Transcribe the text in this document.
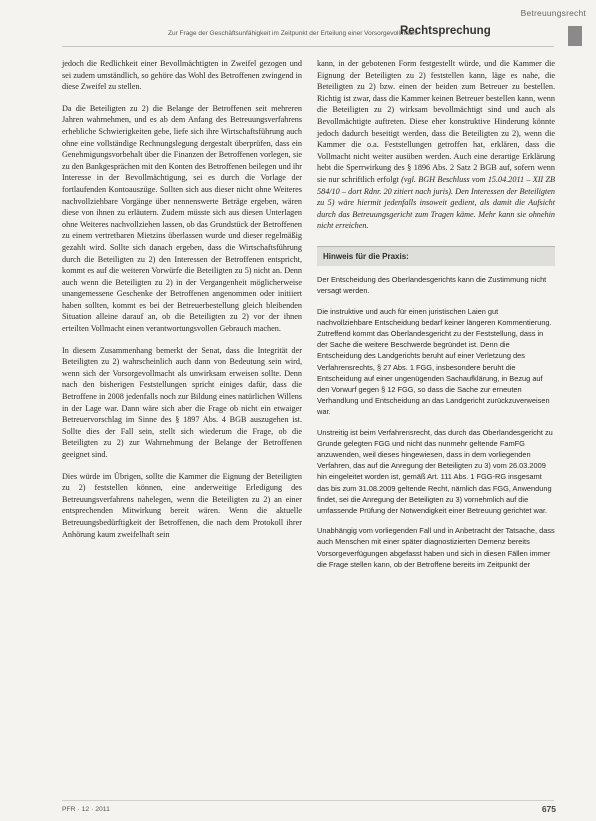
Betreuungsrecht
Zur Frage der Geschäftsunfähigkeit im Zeitpunkt der Erteilung einer Vorsorgevollmacht
Rechtsprechung

jedoch die Redlichkeit einer Bevollmächtigten in Zweifel gezogen und sei zudem umständlich, so gehöre das Wohl des Betroffenen zwingend in diese Zweifel zu stellen.

Da die Beteiligten zu 2) die Belange der Betroffenen seit mehreren Jahren wahrnehmen, und es ab dem Anfang des Betreuungsverfahrens erhebliche Schwierigkeiten gebe, liefe sich ihre Wirtschaftsführung auch ohne eine vollständige Rechnungslegung dergestalt überprüfen, dass ein Genehmigungsvorbehalt über die Finanzen der Betroffenen vorlegen, sie zu den Bankgesprächen mit den Konten des Betroffenen beilegen und ihr Interesse in der Bevollmächtigung, sei es durch die Vorlage der fortlaufenden Kontoauszüge. Sollten sich aus dieser nicht ohne Weiteres nachvollziehbare Vorgänge über nennenswerte Beträge ergeben, wären diese von ihnen zu erläutern. Zudem müsste sich aus diesen Unterlagen ohne Weiteres nachvollziehen lassen, ob das Grundstück der Betroffenen zu einem vertretbaren Mietzins überlassen wurde und dieser regelmäßig gezahlt wird. Sollte sich danach ergeben, dass die Wirtschaftsführung durch die Beteiligten zu 2) den Interessen der Betroffenen entspricht, kommt es auf die weiteren Vorwürfe die Beteiligten zu 5) nicht an. Denn auch wenn die Beteiligten zu 2) in der Vergangenheit möglicherweise unangemessene Geschenke der Betroffenen angenommen oder initiiert haben sollten, kommt es bei der Betreuerbestellung gleich bleibenden Situation alleine darauf an, ob die Beteiligten zu 2) vor der ihnen erteilten Vollmacht einen verantwortungsvollen Gebrauch machen.

In diesem Zusammenhang bemerkt der Senat, dass die Integrität der Beteiligten zu 2) wahrscheinlich auch dann von Bedeutung sein wird, wenn sich der Vorsorgevollmacht als unwirksam erweisen sollte. Denn nach den bisherigen Feststellungen spricht einiges dafür, dass die Betroffene in 2008 jedenfalls noch zur Bildung eines natürlichen Willens in der Lage war. Dann wäre sich aber die Frage ob nicht ein etwaiger Betreuervorschlag im Sinne des § 1897 Abs. 4 BGB auszugehen ist. Sollte dies der Fall sein, stellt sich wiederum die Frage, ob die Beteiligten zu 2) zur Wahrnehmung der Belange der Betroffenen geeignet sind.

Dies würde im Übrigen, sollte die Kammer die Eignung der Beteiligten zu 2) feststellen können, eine anderweitige Erledigung des Betreuungsverfahrens nahelegen, wenn die Beteiligten zu 2) an einer entsprechenden Mitwirkung bereit wären. Wenn die aktuelle Betreuungsbedürftigkeit der Betroffenen, die nach dem Protokoll ihrer Anhörung kaum zweifelhaft sein

kann, in der gebotenen Form festgestellt würde, und die Kammer die Eignung der Beteiligten zu 2) feststellen kann, läge es nahe, die Beteiligten zu 2) bzw. einen der beiden zum Betreuer zu bestellen. Richtig ist zwar, dass die Kammer keinen Betreuer bestellen kann, wenn die Beteiligten zu 2) wirksam bevollmächtigt sind und auch als Bevollmächtigte auftreten. Diese eher konstruktive Hinderung könnte jedoch dadurch beseitigt werden, dass die Beteiligten zu 2), wenn die Kammer die o.a. Feststellungen getroffen hat, erklären, dass die Vollmacht nicht weiter ausüben werden. Auch eine derartige Erklärung hebt die Sperrwirkung des § 1896 Abs. 2 Satz 2 BGB auf, sofern wenn sie nur schriftlich erfolgt (vgl. BGH Beschluss vom 15.04.2011 – XII ZB 584/10 – dort Rdnr. 20 zitiert nach juris). Den Interessen der Beteiligten zu 5) wäre hiermit jedenfalls insoweit gedient, als damit die Aufsicht durch das Betreuungsgericht zum Tragen käme. Mehr kann sie ohnehin nicht erreichen.

Hinweis für die Praxis:

Der Entscheidung des Oberlandesgerichts kann die Zustimmung nicht versagt werden.

Die instruktive und auch für einen juristischen Laien gut nachvollziehbare Entscheidung bedarf keiner längeren Kommentierung. Zutreffend kommt das Oberlandesgericht zu der Feststellung, dass in der Sache die weitere Beschwerde begründet ist. Denn die Entscheidung des Landgerichts beruht auf einer Verletzung des Verfahrensrechts, § 27 Abs. 1 FGG, insbesondere beruht die Entscheidung auf einer ungenügenden Sachaufklärung, in Bezug auf den Vorwurf gegen § 12 FGG, so dass die Sache zur erneuten Verhandlung und Entscheidung an das Landgericht zurückzuverweisen war.

Unstreitig ist beim Verfahrensrecht, das durch das Oberlandesgericht zu Grunde gelegten FGG und nicht das nunmehr geltende FamFG anzuwenden, weil dieses hingewiesen, dass in dem vorliegenden Verfahren, das auf die Anregung der Beteiligten zu 3) vom 26.03.2009 hin eingeleitet worden ist, gemäß Art. 111 Abs. 1 FGG-RG insgesamt das bis zum 31.08.2009 geltende Recht, nämlich das FGG, Anwendung findet, sei die Anregung der Beteiligten zu 3) vornehmlich auf die umfassende Prüfung der Notwendigkeit einer Betreuung gerichtet war.

Unabhängig vom vorliegenden Fall und in Anbetracht der Tatsache, dass auch Menschen mit einer später diagnostizierten Demenz bereits Vorsorgeverfügungen abgefasst haben und sich in diesen Fällen immer die Frage stellen kann, ob der Betroffene bereits im Zeitpunkt der

PFR · 12 · 2011	675
